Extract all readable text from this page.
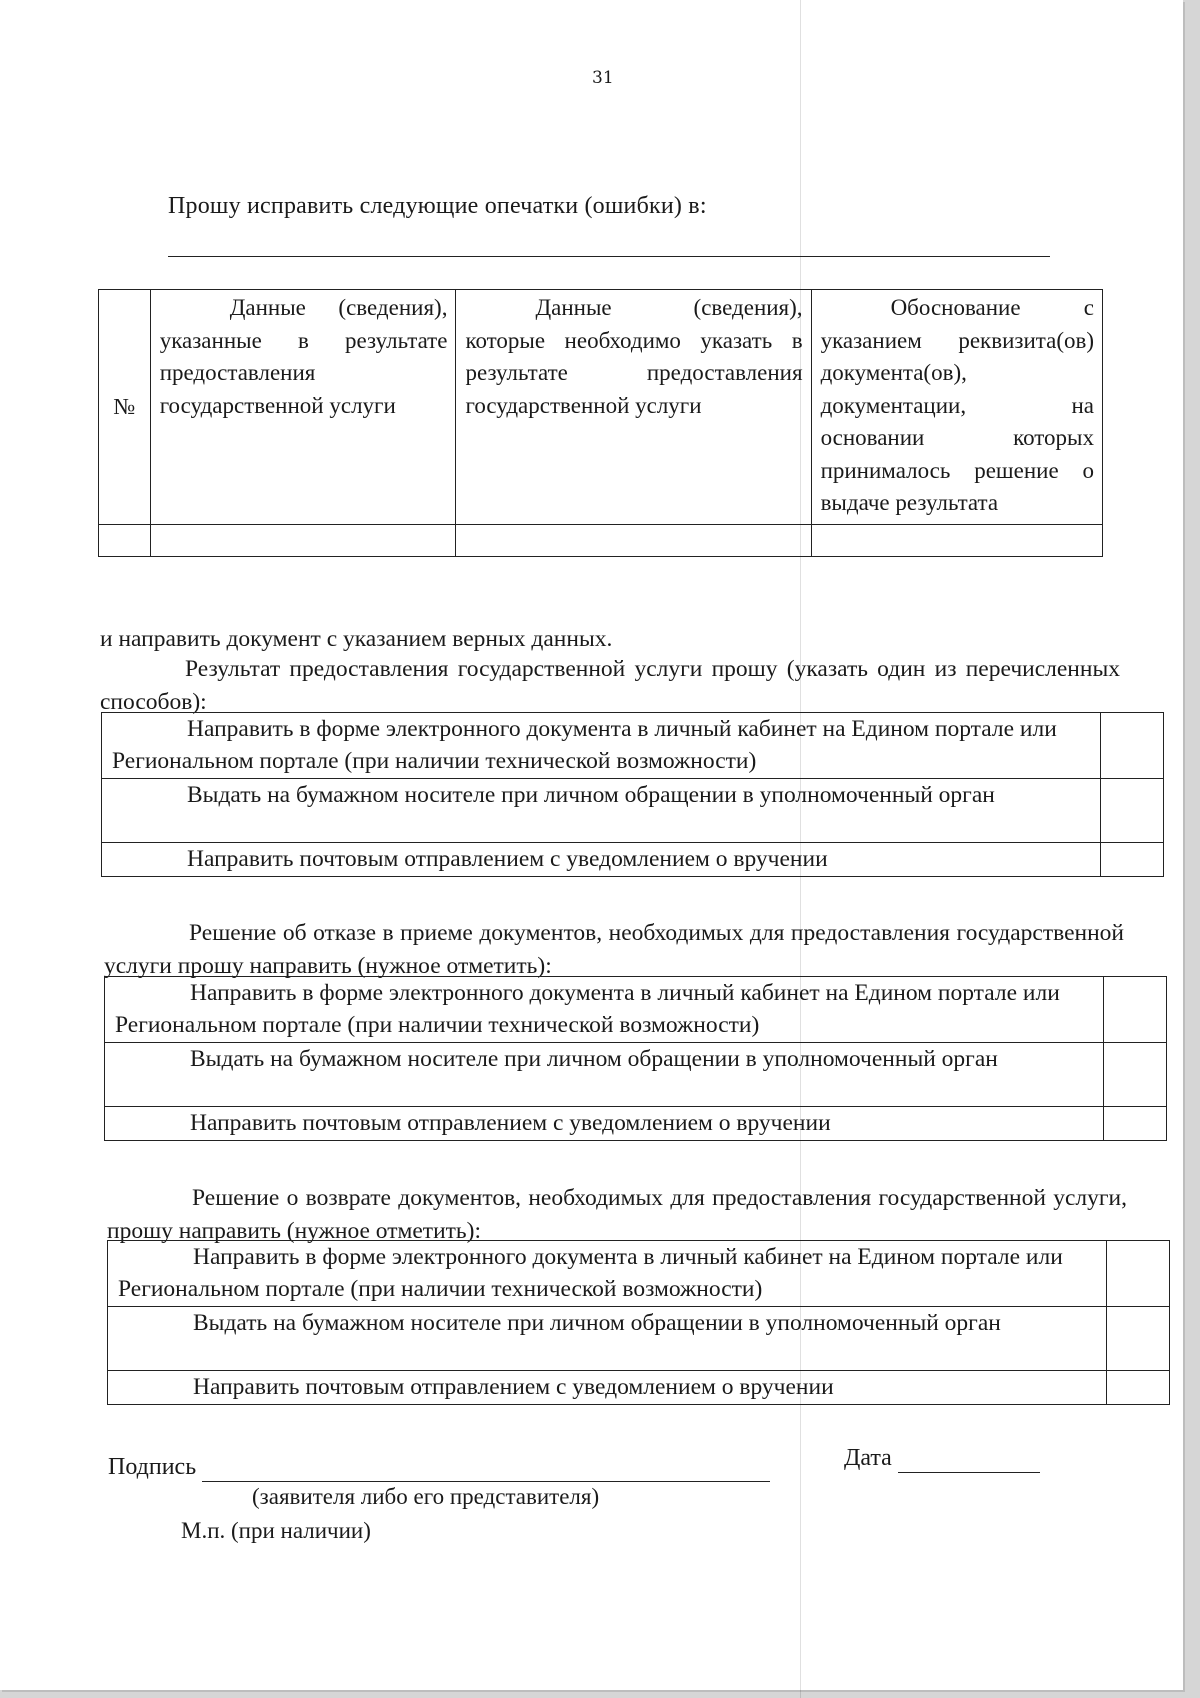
31
Прошу исправить следующие опечатки (ошибки) в:
№	Данные (сведения), указанные в результате предоставления государственной услуги	Данные (сведения), которые необходимо указать в результате предоставления государственной услуги	Обоснование с указанием реквизита(ов) документа(ов), документации, на основании которых принималось решение о выдаче результата

и направить документ с указанием верных данных.
Результат предоставления государственной услуги прошу (указать один из перечисленных способов):
Направить в форме электронного документа в личный кабинет на Едином портале или Региональном портале (при наличии технической возможности)	
Выдать на бумажном носителе при личном обращении в уполномоченный орган	
Направить почтовым отправлением с уведомлением о вручении	
Решение об отказе в приеме документов, необходимых для предоставления государственной услуги прошу направить (нужное отметить):
Направить в форме электронного документа в личный кабинет на Едином портале или Региональном портале (при наличии технической возможности)	
Выдать на бумажном носителе при личном обращении в уполномоченный орган	
Направить почтовым отправлением с уведомлением о вручении	
Решение о возврате документов, необходимых для предоставления государственной услуги, прошу направить (нужное отметить):
Направить в форме электронного документа в личный кабинет на Едином портале или Региональном портале (при наличии технической возможности)	
Выдать на бумажном носителе при личном обращении в уполномоченный орган	
Направить почтовым отправлением с уведомлением о вручении	
Подпись	Дата
(заявителя либо его представителя)
М.п. (при наличии)
